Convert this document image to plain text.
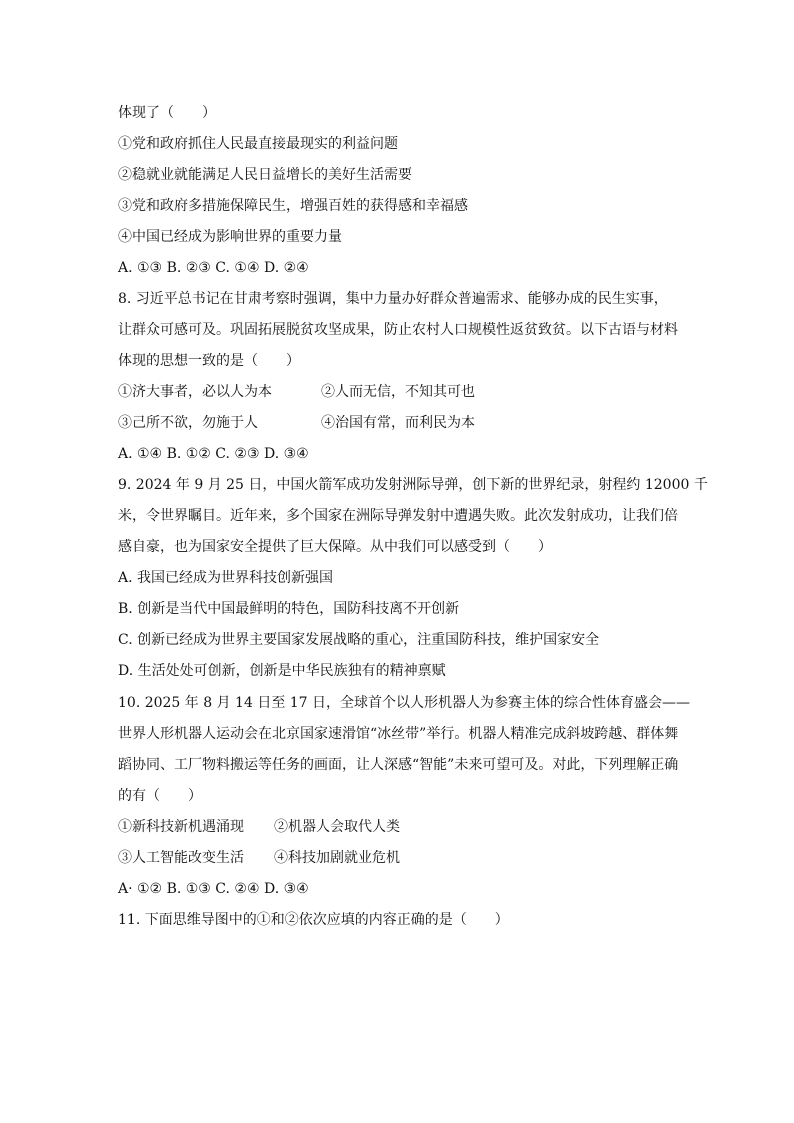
体现了（　　）
①党和政府抓住人民最直接最现实的利益问题
②稳就业就能满足人民日益增长的美好生活需要
③党和政府多措施保障民生，增强百姓的获得感和幸福感
④中国已经成为影响世界的重要力量
A. ①③ B. ②③ C. ①④ D. ②④
8. 习近平总书记在甘肃考察时强调，集中力量办好群众普遍需求、能够办成的民生实事，
让群众可感可及。巩固拓展脱贫攻坚成果，防止农村人口规模性返贫致贫。以下古语与材料
体现的思想一致的是（　　）
①济大事者，必以人为本	②人而无信，不知其可也
③己所不欲，勿施于人	④治国有常，而利民为本
A. ①④ B. ①② C. ②③ D. ③④
9. 2024 年 9 月 25 日，中国火箭军成功发射洲际导弹，创下新的世界纪录，射程约 12000 千
米，令世界瞩目。近年来，多个国家在洲际导弹发射中遭遇失败。此次发射成功，让我们倍
感自豪，也为国家安全提供了巨大保障。从中我们可以感受到（　　）
A. 我国已经成为世界科技创新强国
B. 创新是当代中国最鲜明的特色，国防科技离不开创新
C. 创新已经成为世界主要国家发展战略的重心，注重国防科技，维护国家安全
D. 生活处处可创新，创新是中华民族独有的精神禀赋
10. 2025 年 8 月 14 日至 17 日，全球首个以人形机器人为参赛主体的综合性体育盛会——
世界人形机器人运动会在北京国家速滑馆“冰丝带”举行。机器人精准完成斜坡跨越、群体舞
蹈协同、工厂物料搬运等任务的画面，让人深感“智能”未来可望可及。对此，下列理解正确
的有（　　）
①新科技新机遇涌现 ②机器人会取代人类
③人工智能改变生活 ④科技加剧就业危机
A· ①② B. ①③ C. ②④ D. ③④
11. 下面思维导图中的①和②依次应填的内容正确的是（　　）
